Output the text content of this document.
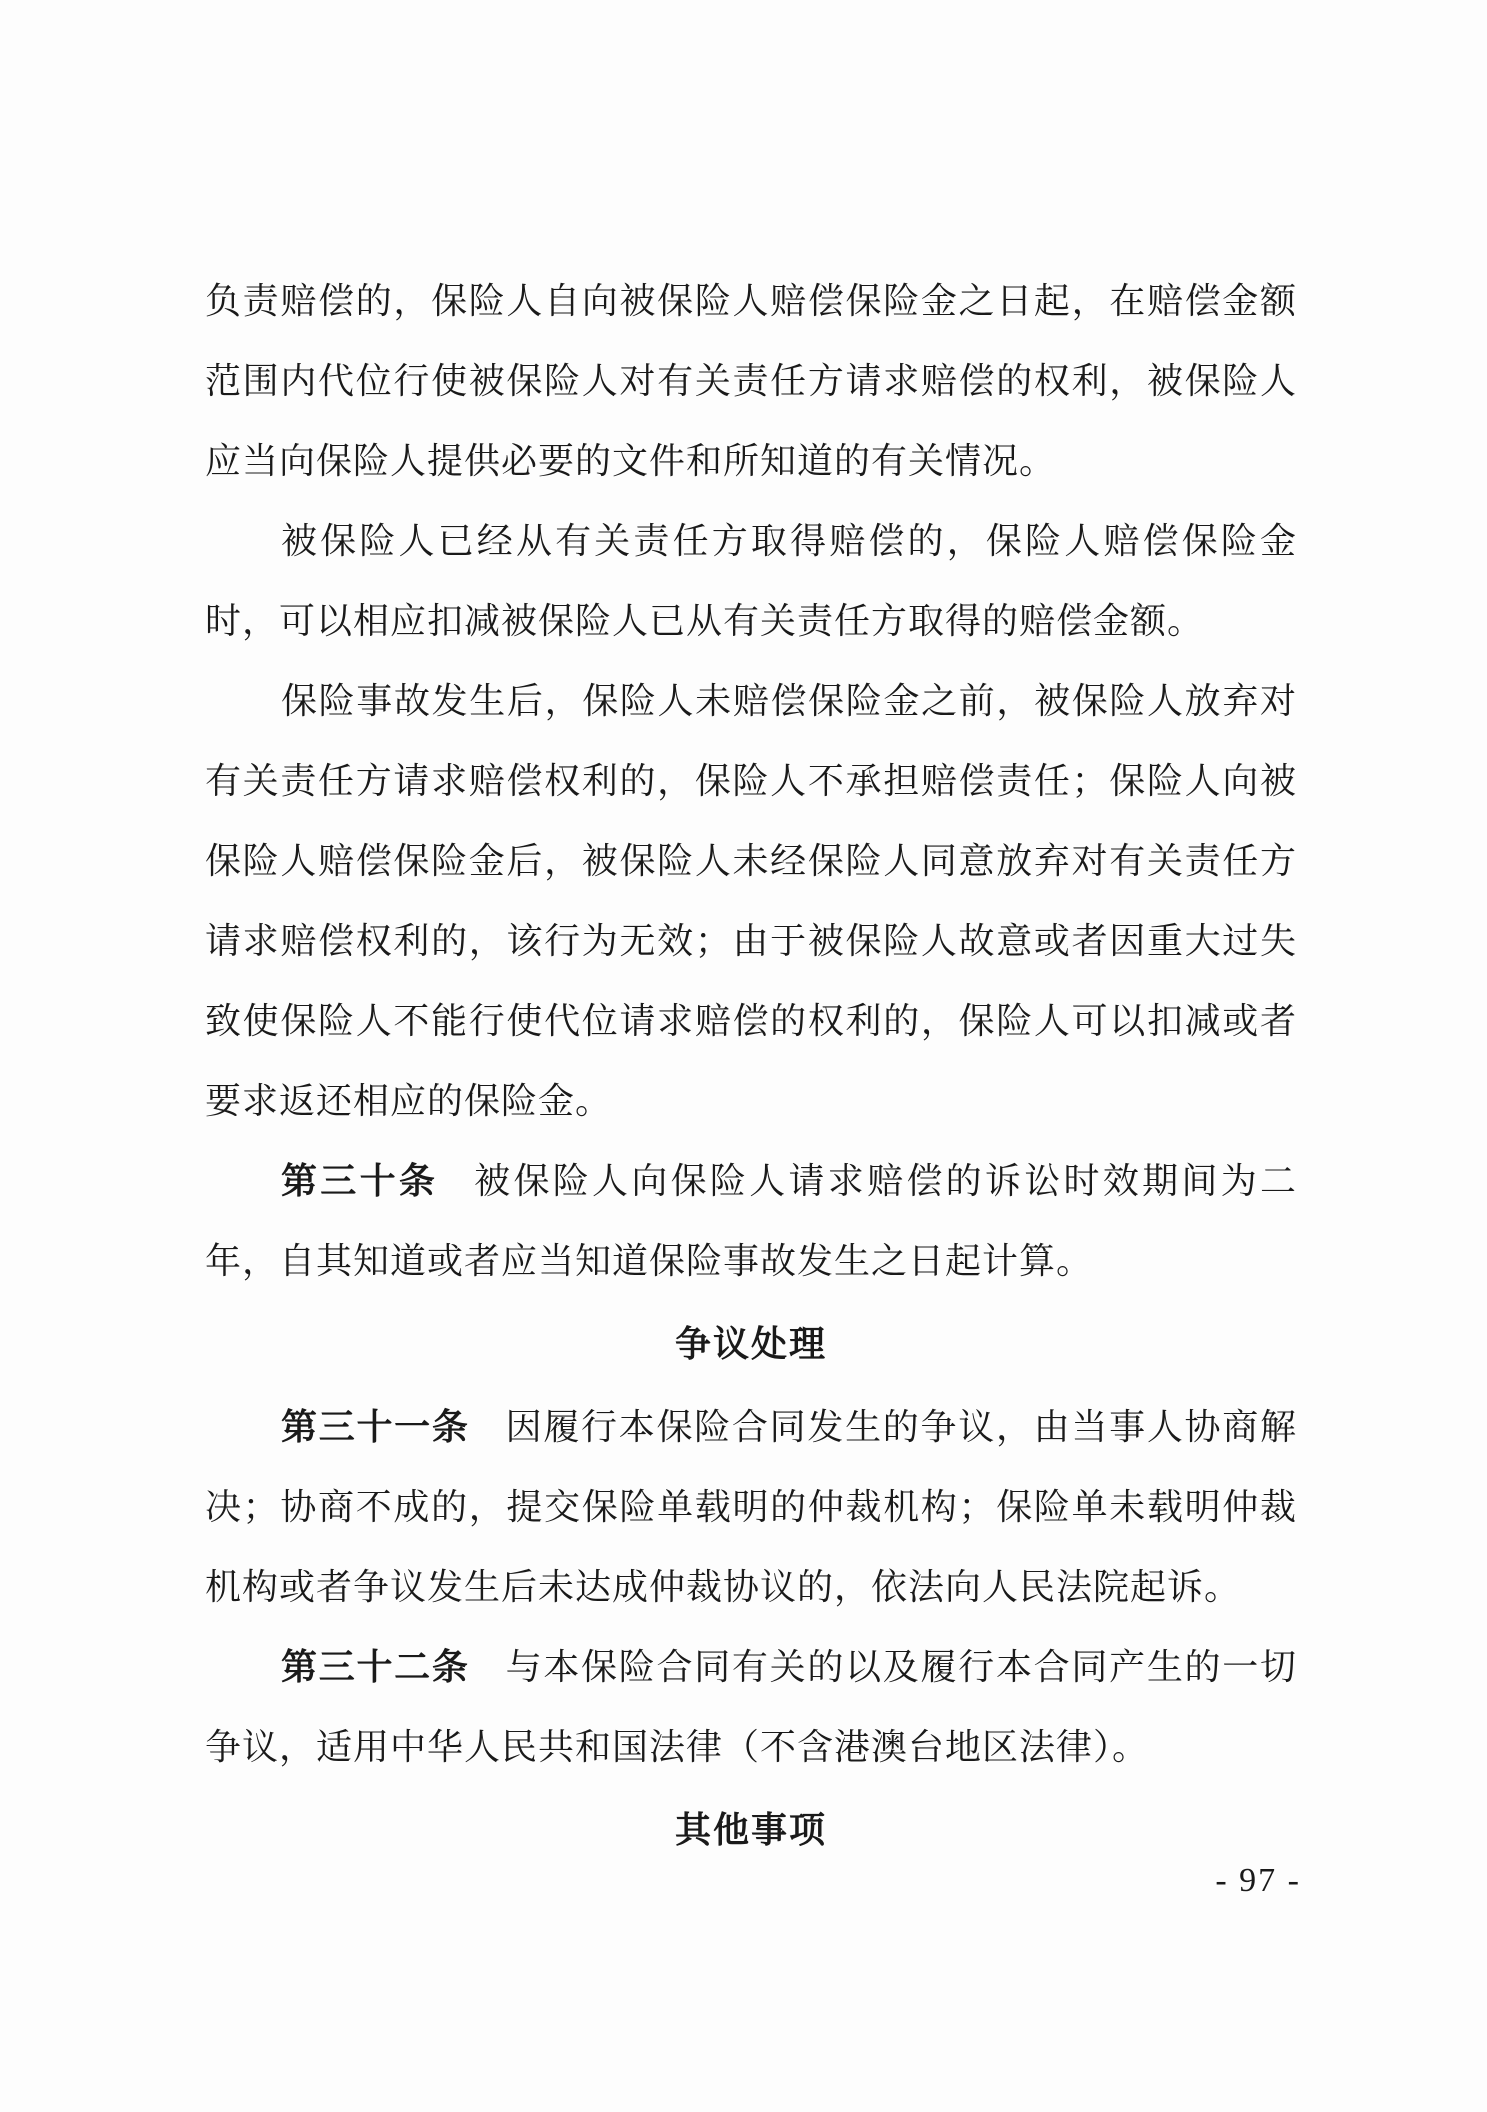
负责赔偿的，保险人自向被保险人赔偿保险金之日起，在赔偿金额范围内代位行使被保险人对有关责任方请求赔偿的权利，被保险人应当向保险人提供必要的文件和所知道的有关情况。

被保险人已经从有关责任方取得赔偿的，保险人赔偿保险金时，可以相应扣减被保险人已从有关责任方取得的赔偿金额。

保险事故发生后，保险人未赔偿保险金之前，被保险人放弃对有关责任方请求赔偿权利的，保险人不承担赔偿责任；保险人向被保险人赔偿保险金后，被保险人未经保险人同意放弃对有关责任方请求赔偿权利的，该行为无效；由于被保险人故意或者因重大过失致使保险人不能行使代位请求赔偿的权利的，保险人可以扣减或者要求返还相应的保险金。

第三十条 被保险人向保险人请求赔偿的诉讼时效期间为二年，自其知道或者应当知道保险事故发生之日起计算。

争议处理

第三十一条 因履行本保险合同发生的争议，由当事人协商解决；协商不成的，提交保险单载明的仲裁机构；保险单未载明仲裁机构或者争议发生后未达成仲裁协议的，依法向人民法院起诉。

第三十二条 与本保险合同有关的以及履行本合同产生的一切争议，适用中华人民共和国法律（不含港澳台地区法律）。

其他事项
- 97 -
